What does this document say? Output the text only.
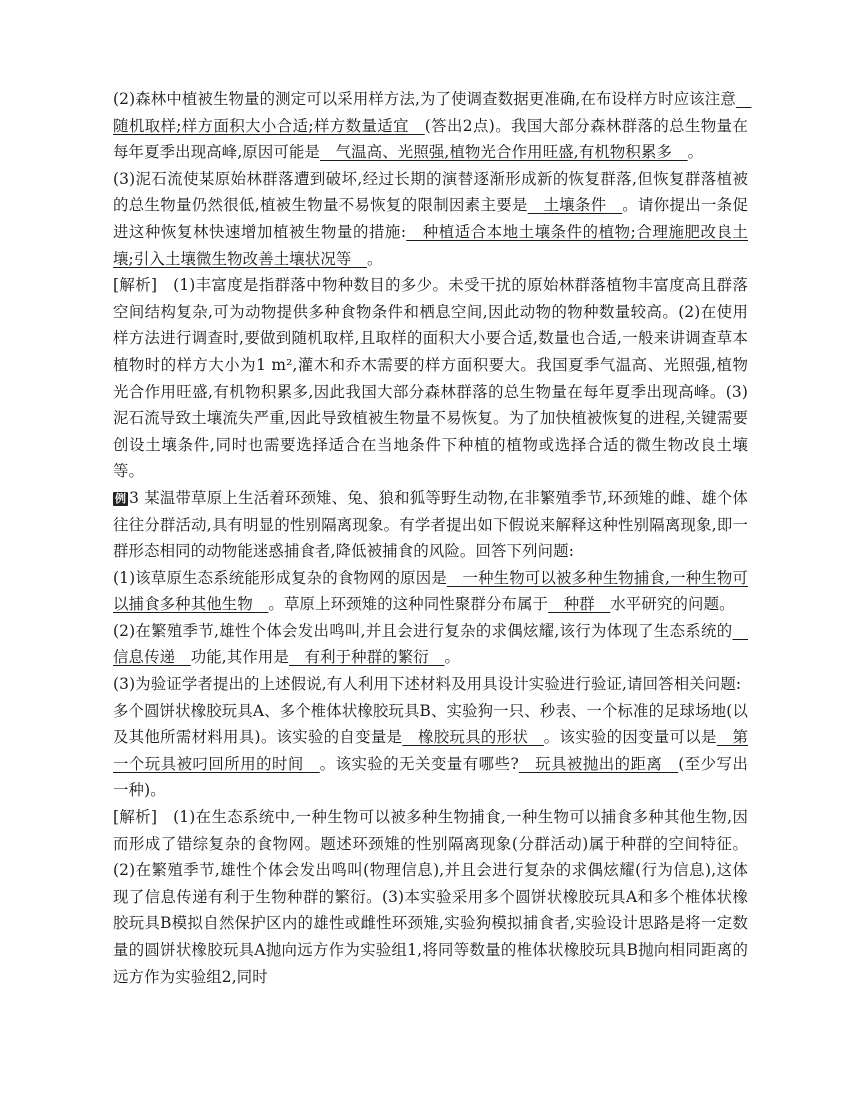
(2)森林中植被生物量的测定可以采用样方法,为了使调查数据更准确,在布设样方时应该注意　随机取样;样方面积大小合适;样方数量适宜　(答出2点)。我国大部分森林群落的总生物量在每年夏季出现高峰,原因可能是　气温高、光照强,植物光合作用旺盛,有机物积累多　。

(3)泥石流使某原始林群落遭到破坏,经过长期的演替逐渐形成新的恢复群落,但恢复群落植被的总生物量仍然很低,植被生物量不易恢复的限制因素主要是　土壤条件　。请你提出一条促进这种恢复林快速增加植被生物量的措施:　种植适合本地土壤条件的植物;合理施肥改良土壤;引入土壤微生物改善土壤状况等　。

[解析]　(1)丰富度是指群落中物种数目的多少。未受干扰的原始林群落植物丰富度高且群落空间结构复杂,可为动物提供多种食物条件和栖息空间,因此动物的物种数量较高。(2)在使用样方法进行调查时,要做到随机取样,且取样的面积大小要合适,数量也合适,一般来讲调查草本植物时的样方大小为1 m²,灌木和乔木需要的样方面积要大。我国夏季气温高、光照强,植物光合作用旺盛,有机物积累多,因此我国大部分森林群落的总生物量在每年夏季出现高峰。(3)泥石流导致土壤流失严重,因此导致植被生物量不易恢复。为了加快植被恢复的进程,关键需要创设土壤条件,同时也需要选择适合在当地条件下种植的植物或选择合适的微生物改良土壤等。

例 3 某温带草原上生活着环颈雉、兔、狼和狐等野生动物,在非繁殖季节,环颈雉的雌、雄个体往往分群活动,具有明显的性别隔离现象。有学者提出如下假说来解释这种性别隔离现象,即一群形态相同的动物能迷惑捕食者,降低被捕食的风险。回答下列问题:

(1)该草原生态系统能形成复杂的食物网的原因是　一种生物可以被多种生物捕食,一种生物可以捕食多种其他生物　。草原上环颈雉的这种同性聚群分布属于　种群　水平研究的问题。

(2)在繁殖季节,雄性个体会发出鸣叫,并且会进行复杂的求偶炫耀,该行为体现了生态系统的　信息传递　功能,其作用是　有利于种群的繁衍　。

(3)为验证学者提出的上述假说,有人利用下述材料及用具设计实验进行验证,请回答相关问题:

多个圆饼状橡胶玩具A、多个椎体状橡胶玩具B、实验狗一只、秒表、一个标准的足球场地(以及其他所需材料用具)。该实验的自变量是　橡胶玩具的形状　。该实验的因变量可以是　第一个玩具被叼回所用的时间　。该实验的无关变量有哪些?　玩具被抛出的距离　(至少写出一种)。

[解析]　(1)在生态系统中,一种生物可以被多种生物捕食,一种生物可以捕食多种其他生物,因而形成了错综复杂的食物网。题述环颈雉的性别隔离现象(分群活动)属于种群的空间特征。(2)在繁殖季节,雄性个体会发出鸣叫(物理信息),并且会进行复杂的求偶炫耀(行为信息),这体现了信息传递有利于生物种群的繁衍。(3)本实验采用多个圆饼状橡胶玩具A和多个椎体状橡胶玩具B模拟自然保护区内的雄性或雌性环颈雉,实验狗模拟捕食者,实验设计思路是将一定数量的圆饼状橡胶玩具A抛向远方作为实验组1,将同等数量的椎体状橡胶玩具B抛向相同距离的远方作为实验组2,同时
